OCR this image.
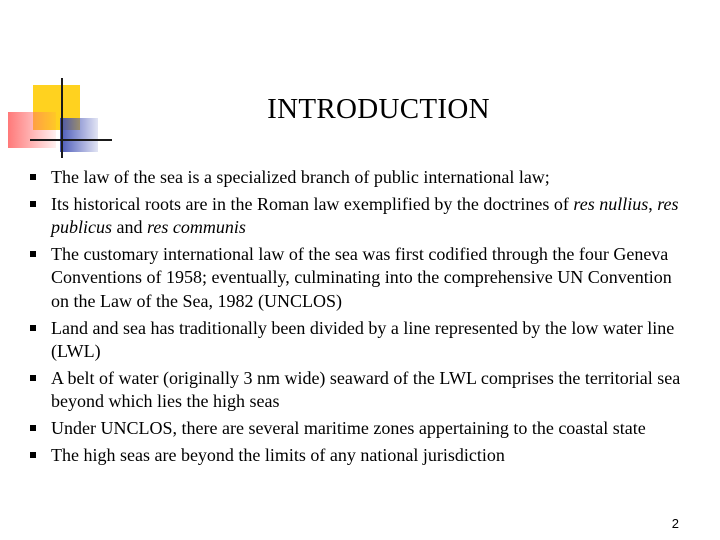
INTRODUCTION
The law of the sea is a specialized branch of public international law;
Its historical roots are in the Roman law exemplified by the doctrines of res nullius, res publicus and res communis
The customary international law of the sea was first codified through the four Geneva Conventions of 1958; eventually, culminating into the comprehensive UN Convention on the Law of the Sea, 1982 (UNCLOS)
Land and sea has traditionally been divided by a line represented by the low water line (LWL)
A belt of water (originally 3 nm wide) seaward of the LWL comprises the territorial sea beyond which lies the high seas
Under UNCLOS, there are several maritime zones appertaining to the coastal state
The high seas are beyond the limits of any national jurisdiction
2
